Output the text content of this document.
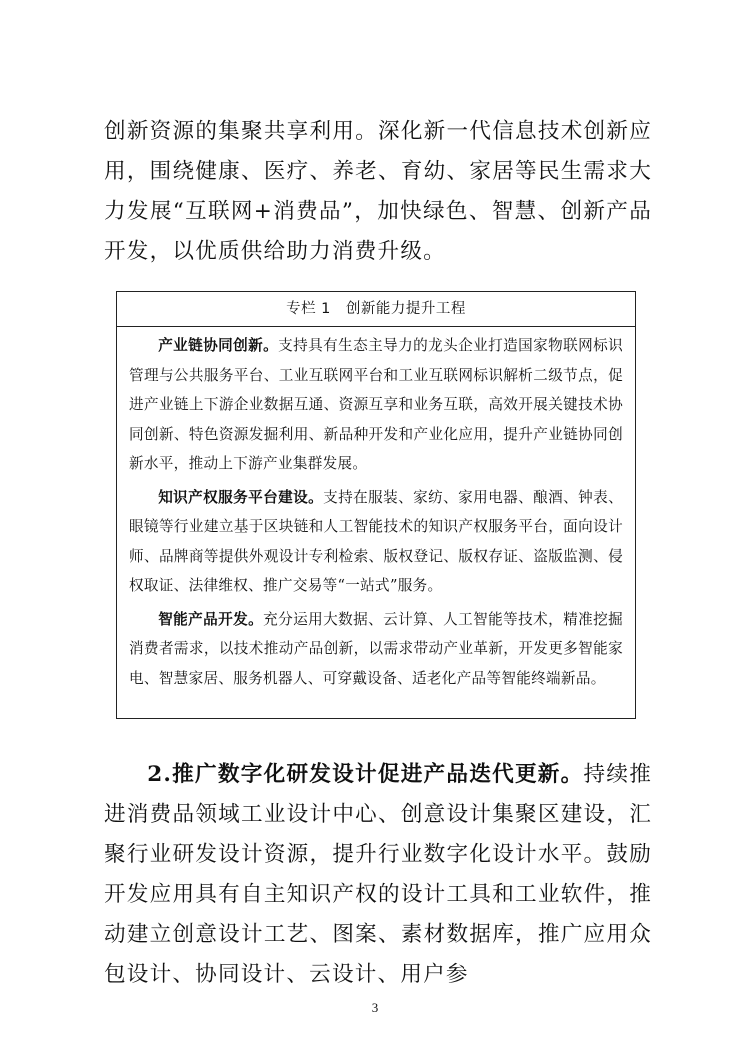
创新资源的集聚共享利用。深化新一代信息技术创新应用，围绕健康、医疗、养老、育幼、家居等民生需求大力发展“互联网+消费品”，加快绿色、智慧、创新产品开发，以优质供给助力消费升级。

专栏 1　创新能力提升工程

产业链协同创新。支持具有生态主导力的龙头企业打造国家物联网标识管理与公共服务平台、工业互联网平台和工业互联网标识解析二级节点，促进产业链上下游企业数据互通、资源互享和业务互联，高效开展关键技术协同创新、特色资源发掘利用、新品种开发和产业化应用，提升产业链协同创新水平，推动上下游产业集群发展。

知识产权服务平台建设。支持在服装、家纺、家用电器、酿酒、钟表、眼镜等行业建立基于区块链和人工智能技术的知识产权服务平台，面向设计师、品牌商等提供外观设计专利检索、版权登记、版权存证、盗版监测、侵权取证、法律维权、推广交易等“一站式”服务。

智能产品开发。充分运用大数据、云计算、人工智能等技术，精准挖掘消费者需求，以技术推动产品创新，以需求带动产业革新，开发更多智能家电、智慧家居、服务机器人、可穿戴设备、适老化产品等智能终端新品。

2.推广数字化研发设计促进产品迭代更新。持续推进消费品领域工业设计中心、创意设计集聚区建设，汇聚行业研发设计资源，提升行业数字化设计水平。鼓励开发应用具有自主知识产权的设计工具和工业软件，推动建立创意设计工艺、图案、素材数据库，推广应用众包设计、协同设计、云设计、用户参

3
